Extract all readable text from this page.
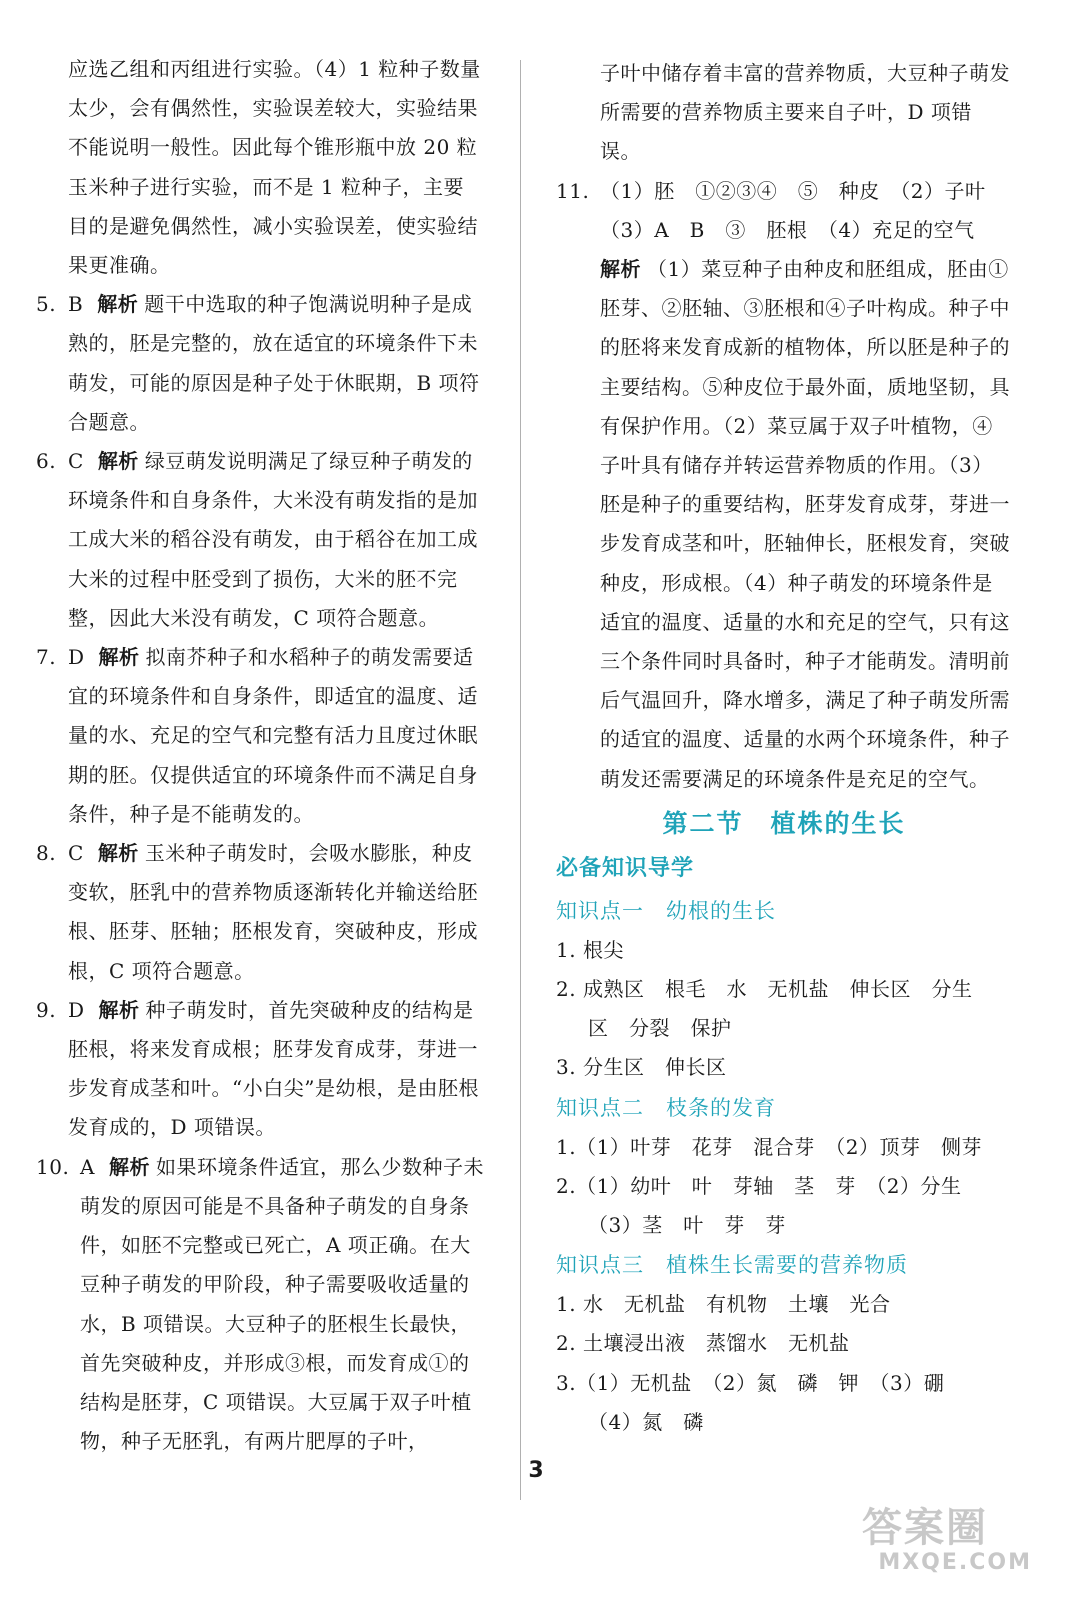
应选乙组和丙组进行实验。（4）1 粒种子数量太少，会有偶然性，实验误差较大，实验结果不能说明一般性。因此每个锥形瓶中放 20 粒玉米种子进行实验，而不是 1 粒种子，主要目的是避免偶然性，减小实验误差，使实验结果更准确。
5. B 解析 题干中选取的种子饱满说明种子是成熟的，胚是完整的，放在适宜的环境条件下未萌发，可能的原因是种子处于休眠期，B 项符合题意。
6. C 解析 绿豆萌发说明满足了绿豆种子萌发的环境条件和自身条件，大米没有萌发指的是加工成大米的稻谷没有萌发，由于稻谷在加工成大米的过程中胚受到了损伤，大米的胚不完整，因此大米没有萌发，C 项符合题意。
7. D 解析 拟南芥种子和水稻种子的萌发需要适宜的环境条件和自身条件，即适宜的温度、适量的水、充足的空气和完整有活力且度过休眠期的胚。仅提供适宜的环境条件而不满足自身条件，种子是不能萌发的。
8. C 解析 玉米种子萌发时，会吸水膨胀，种皮变软，胚乳中的营养物质逐渐转化并输送给胚根、胚芽、胚轴；胚根发育，突破种皮，形成根，C 项符合题意。
9. D 解析 种子萌发时，首先突破种皮的结构是胚根，将来发育成根；胚芽发育成芽，芽进一步发育成茎和叶。“小白尖”是幼根，是由胚根发育成的，D 项错误。
10. A 解析 如果环境条件适宜，那么少数种子未萌发的原因可能是不具备种子萌发的自身条件，如胚不完整或已死亡，A 项正确。在大豆种子萌发的甲阶段，种子需要吸收适量的水，B 项错误。大豆种子的胚根生长最快，首先突破种皮，并形成③根，而发育成①的结构是胚芽，C 项错误。大豆属于双子叶植物，种子无胚乳，有两片肥厚的子叶，
子叶中储存着丰富的营养物质，大豆种子萌发所需要的营养物质主要来自子叶，D 项错误。
11. （1）胚　①②③④　⑤　种皮　（2）子叶
（3）A　B　③　胚根　（4）充足的空气
解析 （1）菜豆种子由种皮和胚组成，胚由①胚芽、②胚轴、③胚根和④子叶构成。种子中的胚将来发育成新的植物体，所以胚是种子的主要结构。⑤种皮位于最外面，质地坚韧，具有保护作用。（2）菜豆属于双子叶植物，④子叶具有储存并转运营养物质的作用。（3）胚是种子的重要结构，胚芽发育成芽，芽进一步发育成茎和叶，胚轴伸长，胚根发育，突破种皮，形成根。（4）种子萌发的环境条件是适宜的温度、适量的水和充足的空气，只有这三个条件同时具备时，种子才能萌发。清明前后气温回升，降水增多，满足了种子萌发所需的适宜的温度、适量的水两个环境条件，种子萌发还需要满足的环境条件是充足的空气。
第二节　植株的生长
必备知识导学
知识点一　幼根的生长
1. 根尖
2. 成熟区　根毛　水　无机盐　伸长区　分生
区　分裂　保护
3. 分生区　伸长区
知识点二　枝条的发育
1.（1）叶芽　花芽　混合芽　（2）顶芽　侧芽
2.（1）幼叶　叶　芽轴　茎　芽　（2）分生
（3）茎　叶　芽　芽
知识点三　植株生长需要的营养物质
1. 水　无机盐　有机物　土壤　光合
2. 土壤浸出液　蒸馏水　无机盐
3.（1）无机盐　（2）氮　磷　钾　（3）硼
（4）氮　磷
3
答案圈
MXQE.COM
